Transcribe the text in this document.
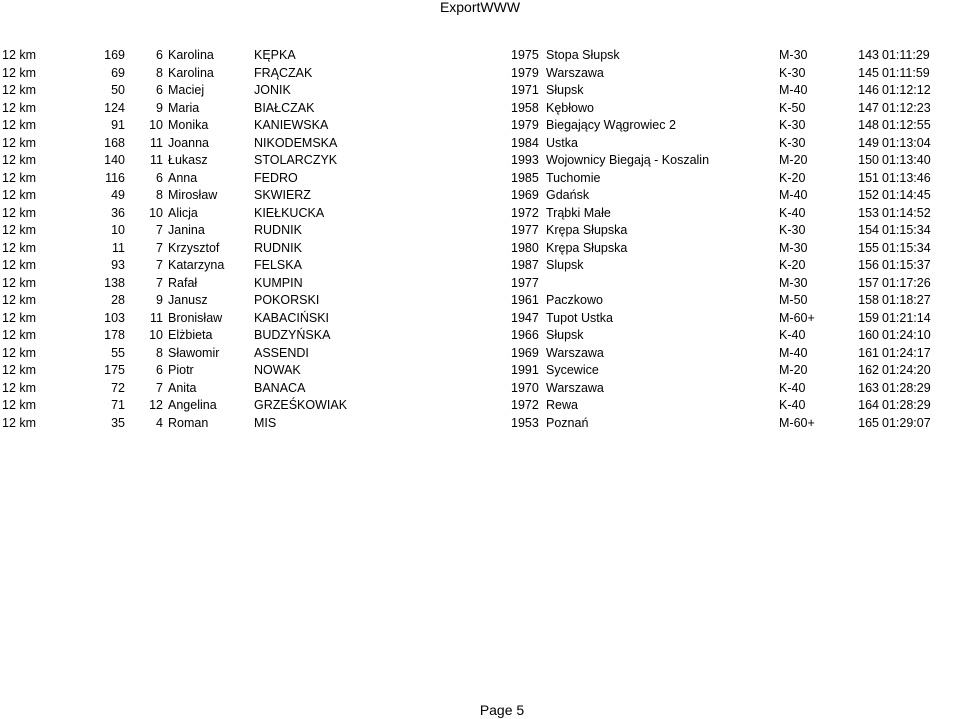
ExportWWW
12 km	169 6 Karolina	KĘPKA	1975 Stopa Słupsk	M-30	143 01:11:29
12 km	69 8 Karolina	FRĄCZAK	1979 Warszawa	K-30	145 01:11:59
12 km	50 6 Maciej	JONIK	1971 Słupsk	M-40	146 01:12:12
12 km	124 9 Maria	BIAŁCZAK	1958 Kębłowo	K-50	147 01:12:23
12 km	91 10 Monika	KANIEWSKA	1979 Biegający Wągrowiec 2	K-30	148 01:12:55
12 km	168 11 Joanna	NIKODEMSKA	1984 Ustka	K-30	149 01:13:04
12 km	140 11 Łukasz	STOLARCZYK	1993 Wojownicy Biegają - Koszalin	M-20	150 01:13:40
12 km	116 6 Anna	FEDRO	1985 Tuchomie	K-20	151 01:13:46
12 km	49 8 Mirosław	SKWIERZ	1969 Gdańsk	M-40	152 01:14:45
12 km	36 10 Alicja	KIEŁKUCKA	1972 Trąbki Małe	K-40	153 01:14:52
12 km	10 7 Janina	RUDNIK	1977 Krępa Słupska	K-30	154 01:15:34
12 km	11 7 Krzysztof	RUDNIK	1980 Krępa Słupska	M-30	155 01:15:34
12 km	93 7 Katarzyna FELSKA	1987 Slupsk	K-20	156 01:15:37
12 km	138 7 Rafał	KUMPIN	1977	M-30	157 01:17:26
12 km	28 9 Janusz	POKORSKI	1961 Paczkowo	M-50	158 01:18:27
12 km	103 11 Bronisław	KABACIŃSKI	1947 Tupot Ustka	M-60+	159 01:21:14
12 km	178 10 Elżbieta	BUDZYŃSKA	1966 Słupsk	K-40	160 01:24:10
12 km	55 8 Sławomir	ASSENDI	1969 Warszawa	M-40	161 01:24:17
12 km	175 6 Piotr	NOWAK	1991 Sycewice	M-20	162 01:24:20
12 km	72 7 Anita	BANACA	1970 Warszawa	K-40	163 01:28:29
12 km	71 12 Angelina	GRZEŚKOWIAK	1972 Rewa	K-40	164 01:28:29
12 km	35 4 Roman	MIS	1953 Poznań	M-60+	165 01:29:07
Page 5
